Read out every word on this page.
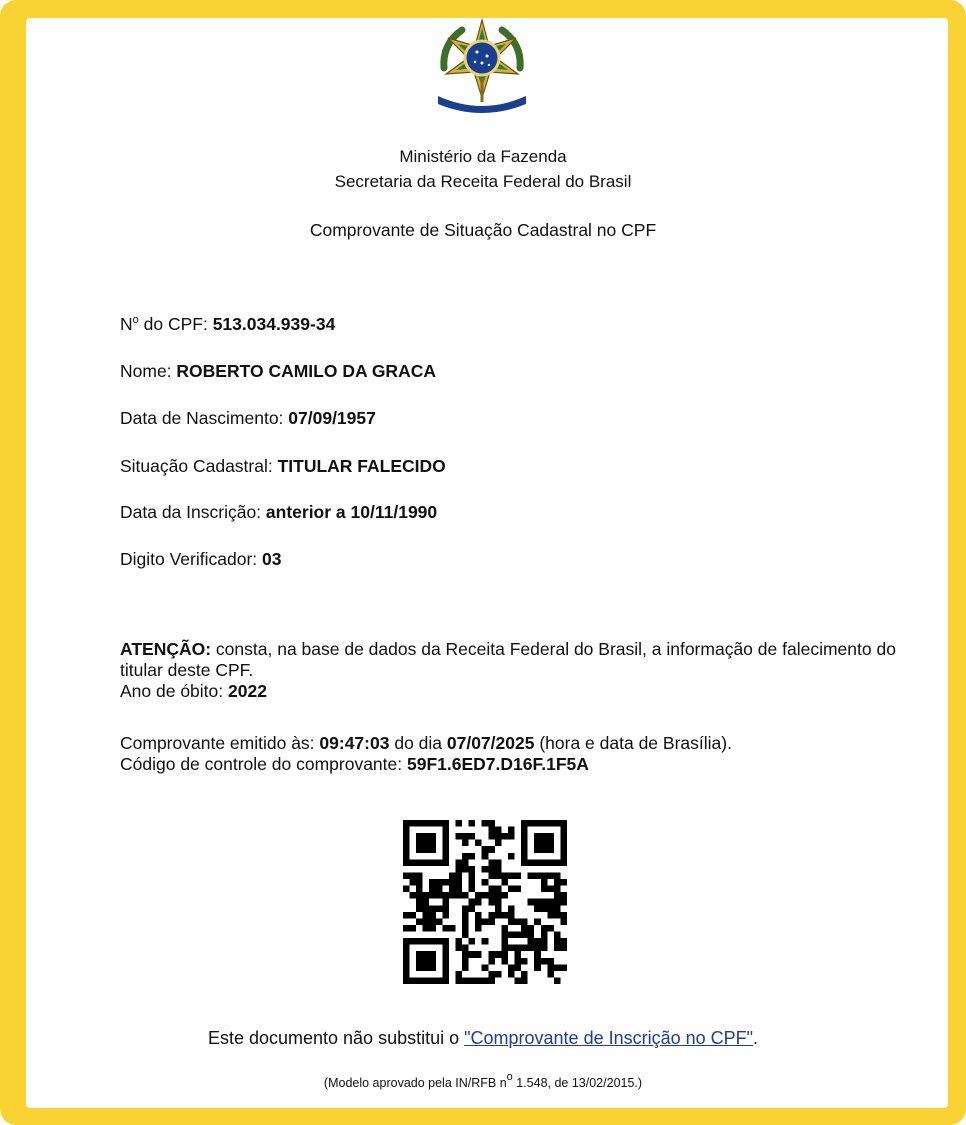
Ministério da Fazenda
Secretaria da Receita Federal do Brasil
Comprovante de Situação Cadastral no CPF
$N^o$ do CPF: 513.034.939-34
Nome: ROBERTO CAMILO DA GRACA
Data de Nascimento: 07/09/1957
Situação Cadastral: TITULAR FALECIDO
Data da Inscrição: anterior a 10/11/1990
Digito Verificador: 03
ATENÇÃO: consta, na base de dados da Receita Federal do Brasil, a informação de falecimento do titular deste CPF.
Ano de óbito: 2022
Comprovante emitido às: 09:47:03 do dia 07/07/2025 (hora e data de Brasília).
Código de controle do comprovante: 59F1.6ED7.D16F.1F5A
Este documento não substitui o "Comprovante de Inscrição no CPF".
(Modelo aprovado pela IN/RFB $n^o$ 1.548, de 13/02/2015.)
